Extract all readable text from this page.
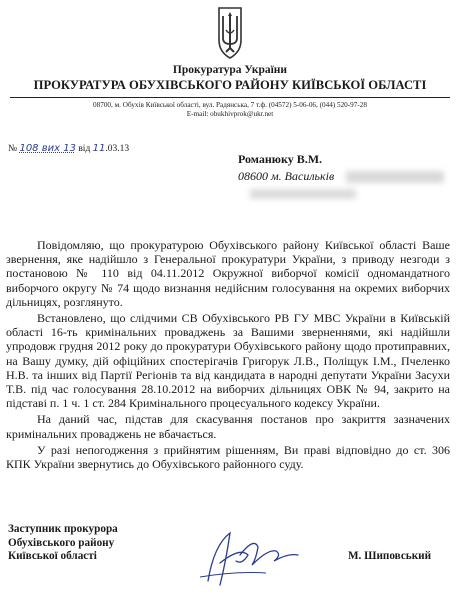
Прокуратура України
ПРОКУРАТУРА ОБУХІВСЬКОГО РАЙОНУ КИЇВСЬКОЇ ОБЛАСТІ
08700, м. Обухів Київської області, вул. Радянська, 7 т.ф. (04572) 5-06-06, (044) 520-97-28
Е-mail: obukhivprok@ukr.net
№ 108 вих 13 від 11.03.13
Романюку В.М.
08600 м. Васильків

Повідомляю, що прокуратурою Обухівського району Київської області Ваше звернення, яке надійшло з Генеральної прокуратури України, з приводу незгоди з постановою № 110 від 04.11.2012 Окружної виборчої комісії одномандатного виборчого округу № 74 щодо визнання недійсним голосування на окремих виборчих дільницях, розглянуто.

Встановлено, що слідчими СВ Обухівського РВ ГУ МВС України в Київській області 16-ть кримінальних проваджень за Вашими зверненнями, які надійшли упродовж грудня 2012 року до прокуратури Обухівського району щодо протиправних, на Вашу думку, дій офіційних спостерігачів Григорук Л.В., Поліщук І.М., Пчеленко Н.В. та інших від Партії Регіонів та від кандидата в народні депутати України Засухи Т.В. під час голосування 28.10.2012 на виборчих дільницях ОВК № 94, закрито на підставі п. 1 ч. 1 ст. 284 Кримінального процесуального кодексу України.

На даний час, підстав для скасування постанов про закриття зазначених кримінальних проваджень не вбачається.

У разі непогодження з прийнятим рішенням, Ви праві відповідно до ст. 306 КПК України звернутись до Обухівського районного суду.

Заступник прокурора
Обухівського району
Київської області	М. Шиповський
